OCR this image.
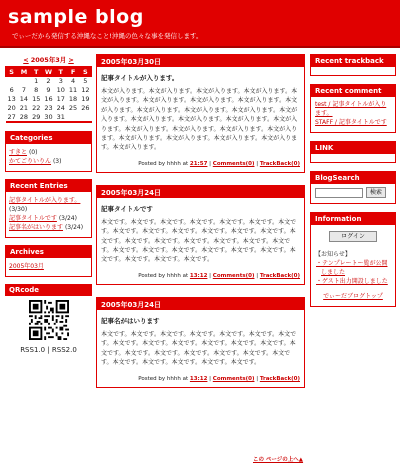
sample blog
でぃーだから発信する沖縄なこと!沖縄の色々な事を発信します。
< 2005年3月 >
S	M	T	W	T	F	S
		1	2	3	4	5
6	7	8	9	10	11	12
13	14	15	16	17	18	19
20	21	22	23	24	25	26
27	28	29	30	31		
Categories
すきと (0)
かてごりいりん (3)
Recent Entries
記事タイトルが入ります。 (3/30)
記事タイトルです (3/24)
記事名がはいります (3/24)
Archives
2005年03月
QRcode
RSS1.0 | RSS2.0
2005年03月30日
記事タイトルが入ります。
本文が入ります。本文が入ります。本文が入ります。本文が入ります。本文が入ります。本文が入ります。本文が入ります。本文が入ります。本文が入ります。本文が入ります。本文が入ります。本文が入ります。本文が入ります。本文が入ります。本文が入ります。本文が入ります。本文が入ります。本文が入ります。本文が入ります。本文が入ります。本文が入ります。本文が入ります。本文が入ります。本文が入ります。本文が入ります。本文が入ります。
Posted by hhhh at 21:57 | Comments(0) | TrackBack(0)
2005年03月24日
記事タイトルです
本文です。本文です。本文です。本文です。本文です。本文です。本文です。本文です。本文です。本文です。本文です。本文です。本文です。本文です。本文です。本文です。本文です。本文です。本文です。本文です。本文です。本文です。本文です。本文です。本文です。本文です。本文です。本文です。本文です。本文です。
Posted by hhhh at 13:12 | Comments(0) | TrackBack(0)
2005年03月24日
記事名がはいります
本文です。本文です。本文です。本文です。本文です。本文です。本文です。本文です。本文です。本文です。本文です。本文です。本文です。本文です。本文です。本文です。本文です。本文です。本文です。本文です。本文です。本文です。本文です。本文です。本文です。
Posted by hhhh at 13:12 | Comments(0) | TrackBack(0)
この ページの上へ▲
Recent trackback
Recent comment
test / 記事タイトルが入ります。
STAFF / 記事タイトルです
LINK
BlogSearch
検索
Information
ログイン
【お知らせ】
・テンプレートー覧が公開しました
・ゲスト出力開設しました
でぃーだブログトップ
